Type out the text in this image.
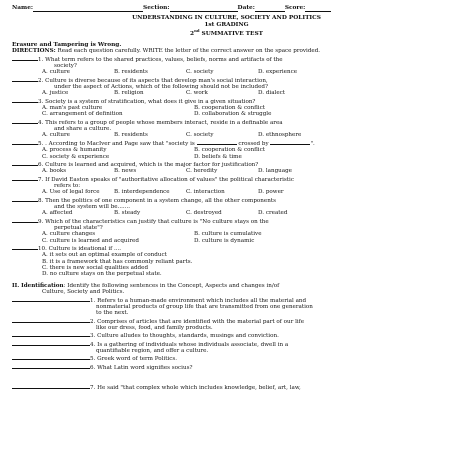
Name:	Section:	Date:	Score:
UNDERSTANDING IN CULTURE, SOCIETY AND POLITICS
1st GRADING
2nd SUMMATIVE TEST
Erasure and Tampering is Wrong.
DIRECTIONS: Read each question carefully. WRITE the letter of the correct answer on the space provided.
1. What term refers to the shared practices, values, beliefs, norms and artifacts of the
society?
A. culture	B. residents	C. society	D. experience
2. Culture is diverse because of its aspects that develop man's social interaction,
under the aspect of Actions, which of the following should not be included?
A. justice	B. religion	C. work	D. dialect
3. Society is a system of stratification, what does it give in a given situation?
A. man's past culture	B. cooperation & conflict
C. arrangement of definition	D. collaboration & struggle
4. This refers to a group of people whose members interact, reside in a definable area
and share a culture.
A. culture	B. residents	C. society	D. ethnosphere
5. . According to MacIver and Page saw that "society is	crossed by	".
A. process & humanity	B. cooperation & conflict
C. society & experience	D. beliefs & time
6. Culture is learned and acquired, which is the major factor for justification?
A. books	B. news	C. heredity	D. language
7. If David Easton speaks of "authoritative allocation of values" the political characteristic
refers to:
A. Use of legal force	B. interdependence	C. interaction	D. power
8. Then the politics of one component in a system change, all the other components
and the system will be.......
A. affected	B. steady	C. destroyed	D. created
9. Which of the characteristics can justify that culture is "No culture stays on the
perpetual state"?
A. culture changes	B. culture is cumulative
C. culture is learned and acquired	D. culture is dynamic
10. Culture is ideational if ....
A. it sets out an optimal example of conduct
B. it is a framework that has commonly reliant parts.
C. there is new social qualities added
D. no culture stays on the perpetual state.
II. Identification: Identify the following sentences in the Concept, Aspects and changes in/of
Culture, Society and Politics.
1. Refers to a human-made environment which includes all the material and
nonmaterial products of group life that are transmitted from one generation
to the next.
2. Comprises of articles that are identified with the material part of our life
like our dress, food, and family products.
3. Culture alludes to thoughts, standards, musings and conviction.
4. Is a gathering of individuals whose individuals associate, dwell in a
quantifiable region, and offer a culture.
5. Greek word of term Politics.
6. What Latin word signifies socius?
7. He said "that complex whole which includes knowledge, belief, art, law,
